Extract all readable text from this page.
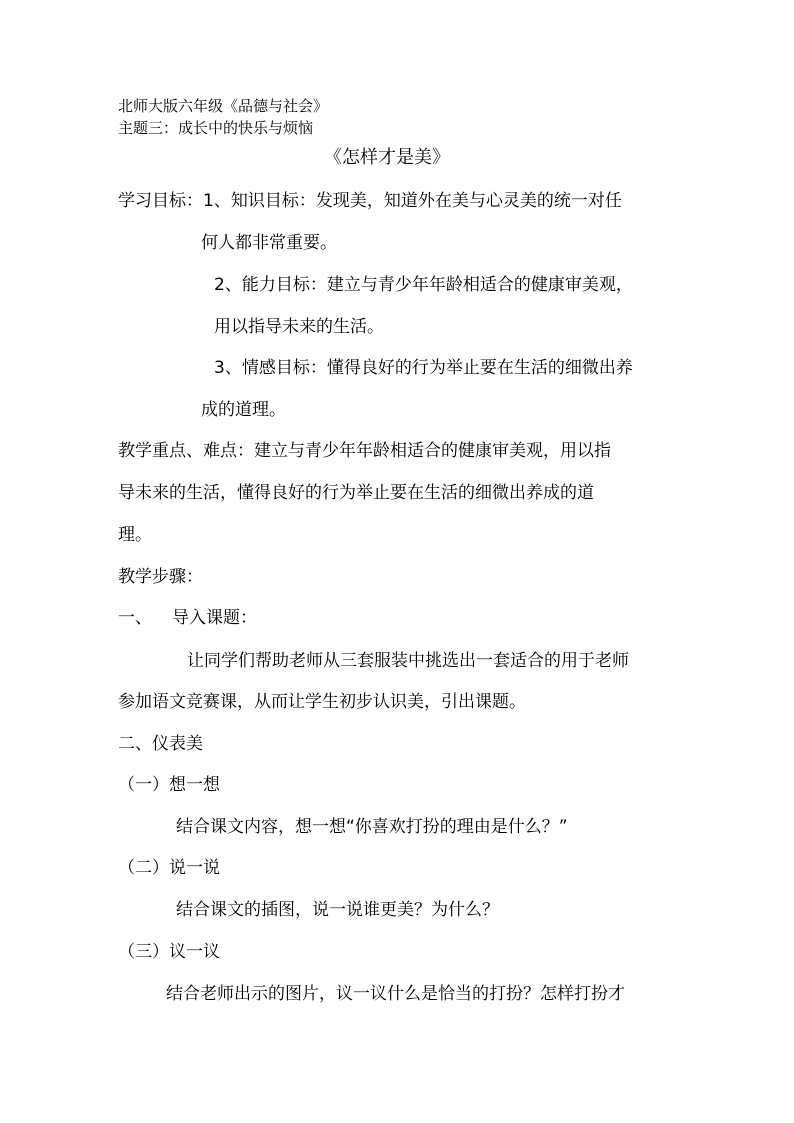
北师大版六年级《品德与社会》
主题三：成长中的快乐与烦恼
《怎样才是美》
学习目标：1、知识目标：发现美，知道外在美与心灵美的统一对任
何人都非常重要。
2、能力目标：建立与青少年年龄相适合的健康审美观，
用以指导未来的生活。
3、情感目标：懂得良好的行为举止要在生活的细微出养
成的道理。
教学重点、难点：建立与青少年年龄相适合的健康审美观，用以指
导未来的生活，懂得良好的行为举止要在生活的细微出养成的道
理。
教学步骤：
一、 导入课题：
让同学们帮助老师从三套服装中挑选出一套适合的用于老师
参加语文竞赛课，从而让学生初步认识美，引出课题。
二、仪表美
（一）想一想
结合课文内容，想一想“你喜欢打扮的理由是什么？”
（二）说一说
结合课文的插图，说一说谁更美？为什么？
（三）议一议
结合老师出示的图片，议一议什么是恰当的打扮？怎样打扮才
